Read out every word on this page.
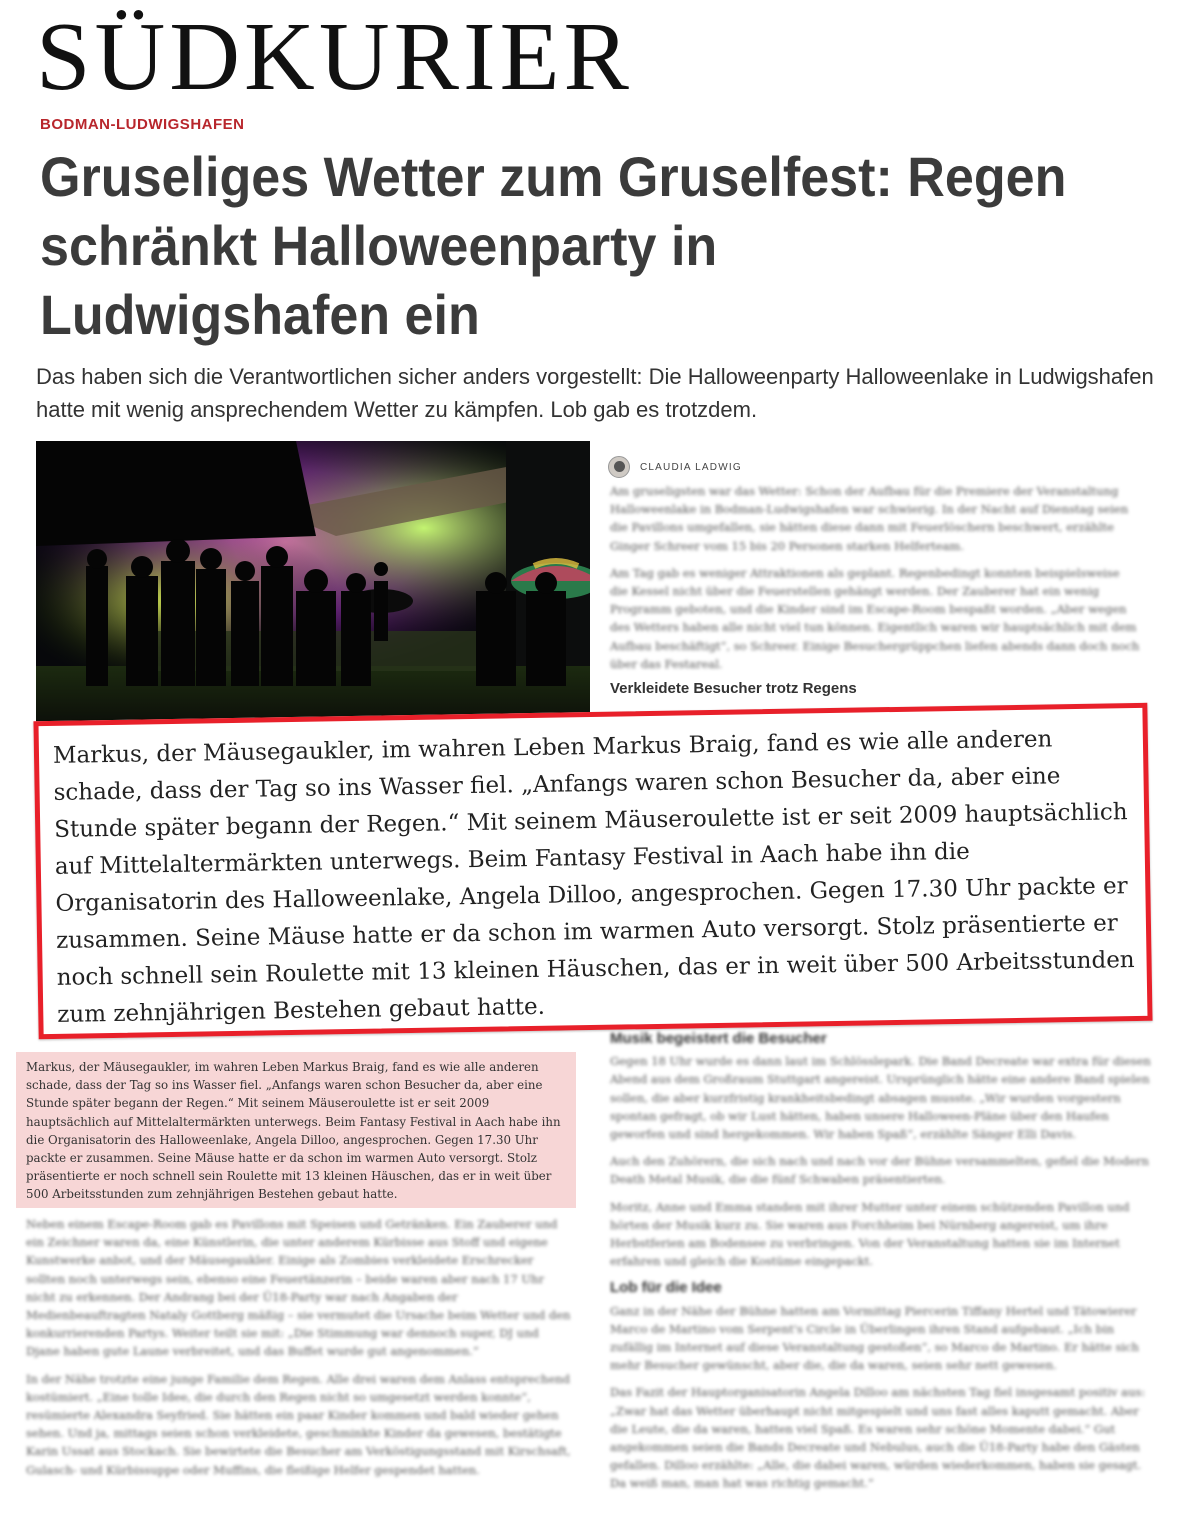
SÜDKURIER
BODMAN-LUDWIGSHAFEN
Gruseliges Wetter zum Gruselfest: Regen schränkt Halloweenparty in Ludwigshafen ein

Das haben sich die Verantwortlichen sicher anders vorgestellt: Die Halloweenparty Halloweenlake in Ludwigshafen hatte mit wenig ansprechendem Wetter zu kämpfen. Lob gab es trotzdem.

CLAUDIA LADWIG

Am gruseligsten war das Wetter: Schon der Aufbau für die Premiere der Veranstaltung Halloweenlake in Bodman-Ludwigshafen war schwierig. In der Nacht auf Dienstag seien die Pavillons umgefallen, sie hätten diese dann mit Feuerlöschern beschwert, erzählte Ginger Schreer vom 15 bis 20 Personen starken Helferteam.

Am Tag gab es weniger Attraktionen als geplant. Regenbedingt konnten beispielsweise die Kessel nicht über die Feuerstellen gehängt werden. Der Zauberer hat ein wenig Programm geboten, und die Kinder sind im Escape-Room bespaßt worden. „Aber wegen des Wetters haben alle nicht viel tun können. Eigentlich waren wir hauptsächlich mit dem Aufbau beschäftigt“, so Schreer. Einige Besuchergrüppchen liefen abends dann doch noch über das Festareal.

Verkleidete Besucher trotz Regens
Musik begeistert die Besucher

Gegen 18 Uhr wurde es dann laut im Schlösslepark. Die Band Decreate war extra für diesen Abend aus dem Großraum Stuttgart angereist. Ursprünglich hätte eine andere Band spielen sollen, die aber kurzfristig krankheitsbedingt absagen musste. „Wir wurden vorgestern spontan gefragt, ob wir Lust hätten, haben unsere Halloween-Pläne über den Haufen geworfen und sind hergekommen. Wir haben Spaß“, erzählte Sänger Elli Davis.

Auch den Zuhörern, die sich nach und nach vor der Bühne versammelten, gefiel die Modern Death Metal Musik, die die fünf Schwaben präsentierten.

Moritz, Anne und Emma standen mit ihrer Mutter unter einem schützenden Pavillon und hörten der Musik kurz zu. Sie waren aus Forchheim bei Nürnberg angereist, um ihre Herbstferien am Bodensee zu verbringen. Von der Veranstaltung hatten sie im Internet erfahren und gleich die Kostüme eingepackt.

Lob für die Idee

Ganz in der Nähe der Bühne hatten am Vormittag Piercerin Tiffany Hertel und Tätowierer Marco de Martino vom Serpent's Circle in Überlingen ihren Stand aufgebaut. „Ich bin zufällig im Internet auf diese Veranstaltung gestoßen“, so Marco de Martino. Er hätte sich mehr Besucher gewünscht, aber die, die da waren, seien sehr nett gewesen.

Das Fazit der Hauptorganisatorin Angela Dilloo am nächsten Tag fiel insgesamt positiv aus: „Zwar hat das Wetter überhaupt nicht mitgespielt und uns fast alles kaputt gemacht. Aber die Leute, die da waren, hatten viel Spaß. Es waren sehr schöne Momente dabei.“ Gut angekommen seien die Bands Decreate und Nebulus, auch die Ü18-Party habe den Gästen gefallen. Dilloo erzählte: „Alle, die dabei waren, würden wiederkommen, haben sie gesagt. Da weiß man, man hat was richtig gemacht.“

Markus, der Mäusegaukler, im wahren Leben Markus Braig, fand es wie alle anderen schade, dass der Tag so ins Wasser fiel. „Anfangs waren schon Besucher da, aber eine Stunde später begann der Regen.“ Mit seinem Mäuseroulette ist er seit 2009 hauptsächlich auf Mittelaltermärkten unterwegs. Beim Fantasy Festival in Aach habe ihn die Organisatorin des Halloweenlake, Angela Dilloo, angesprochen. Gegen 17.30 Uhr packte er zusammen. Seine Mäuse hatte er da schon im warmen Auto versorgt. Stolz präsentierte er noch schnell sein Roulette mit 13 kleinen Häuschen, das er in weit über 500 Arbeitsstunden zum zehnjährigen Bestehen gebaut hatte.

Neben einem Escape-Room gab es Pavillons mit Speisen und Getränken. Ein Zauberer und ein Zeichner waren da, eine Künstlerin, die unter anderem Kürbisse aus Stoff und eigene Kunstwerke anbot, und der Mäusegaukler. Einige als Zombies verkleidete Erschrecker sollten noch unterwegs sein, ebenso eine Feuertänzerin – beide waren aber nach 17 Uhr nicht zu erkennen. Der Andrang bei der Ü18-Party war nach Angaben der Medienbeauftragten Nataly Gottberg mäßig – sie vermutet die Ursache beim Wetter und den konkurrierenden Partys. Weiter teilt sie mit: „Die Stimmung war dennoch super, DJ und Djane haben gute Laune verbreitet, und das Buffet wurde gut angenommen.“

In der Nähe trotzte eine junge Familie dem Regen. Alle drei waren dem Anlass entsprechend kostümiert. „Eine tolle Idee, die durch den Regen nicht so umgesetzt werden konnte“, resümierte Alexandra Seyfried. Sie hätten ein paar Kinder kommen und bald wieder gehen sehen. Und ja, mittags seien schon verkleidete, geschminkte Kinder da gewesen, bestätigte Karin Ussat aus Stockach. Sie bewirtete die Besucher am Verköstigungsstand mit Kirschsaft, Gulasch- und Kürbissuppe oder Muffins, die fleißige Helfer gespendet hatten.

Markus, der Mäusegaukler, im wahren Leben Markus Braig, fand es wie alle anderen schade, dass der Tag so ins Wasser fiel. „Anfangs waren schon Besucher da, aber eine Stunde später begann der Regen.“ Mit seinem Mäuseroulette ist er seit 2009 hauptsächlich auf Mittelaltermärkten unterwegs. Beim Fantasy Festival in Aach habe ihn die Organisatorin des Halloweenlake, Angela Dilloo, angesprochen. Gegen 17.30 Uhr packte er zusammen. Seine Mäuse hatte er da schon im warmen Auto versorgt. Stolz präsentierte er noch schnell sein Roulette mit 13 kleinen Häuschen, das er in weit über 500 Arbeitsstunden zum zehnjährigen Bestehen gebaut hatte.
